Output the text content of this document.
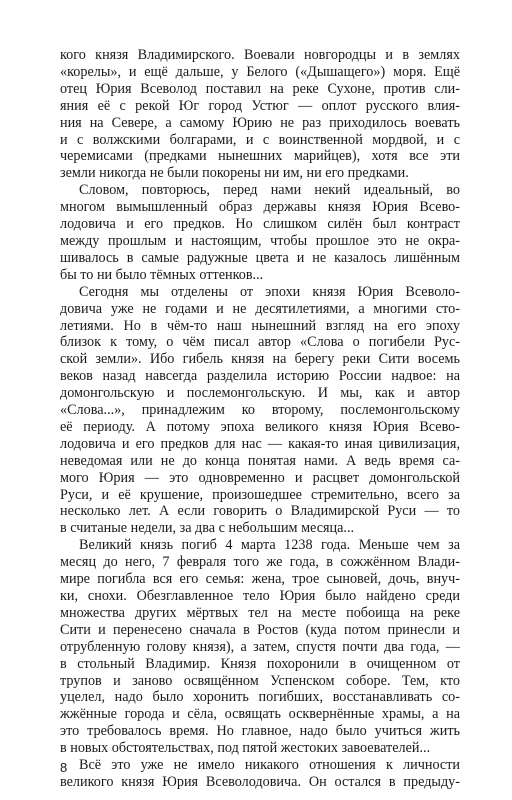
кого князя Владимирского. Воевали новгородцы и в землях
«корелы», и ещё дальше, у Белого («Дышащего») моря. Ещё
отец Юрия Всеволод поставил на реке Сухоне, против сли-
яния её с рекой Юг город Устюг — оплот русского влия-
ния на Севере, а самому Юрию не раз приходилось воевать
и с волжскими болгарами, и с воинственной мордвой, и с
черемисами (предками нынешних марийцев), хотя все эти
земли никогда не были покорены ни им, ни его предками.
Словом, повторюсь, перед нами некий идеальный, во
многом вымышленный образ державы князя Юрия Всево-
лодовича и его предков. Но слишком силён был контраст
между прошлым и настоящим, чтобы прошлое это не окра-
шивалось в самые радужные цвета и не казалось лишённым
бы то ни было тёмных оттенков...
Сегодня мы отделены от эпохи князя Юрия Всеволо-
довича уже не годами и не десятилетиями, а многими сто-
летиями. Но в чём-то наш нынешний взгляд на его эпоху
близок к тому, о чём писал автор «Слова о погибели Рус-
ской земли». Ибо гибель князя на берегу реки Сити восемь
веков назад навсегда разделила историю России надвое: на
домонгольскую и послемонгольскую. И мы, как и автор
«Слова...», принадлежим ко второму, послемонгольскому
её периоду. А потому эпоха великого князя Юрия Всево-
лодовича и его предков для нас — какая-то иная цивилизация,
неведомая или не до конца понятая нами. А ведь время са-
мого Юрия — это одновременно и расцвет домонгольской
Руси, и её крушение, произошедшее стремительно, всего за
несколько лет. А если говорить о Владимирской Руси — то
в считаные недели, за два с небольшим месяца...
Великий князь погиб 4 марта 1238 года. Меньше чем за
месяц до него, 7 февраля того же года, в сожжённом Влади-
мире погибла вся его семья: жена, трое сыновей, дочь, внуч-
ки, снохи. Обезглавленное тело Юрия было найдено среди
множества других мёртвых тел на месте побоища на реке
Сити и перенесено сначала в Ростов (куда потом принесли и
отрубленную голову князя), а затем, спустя почти два года, —
в стольный Владимир. Князя похоронили в очищенном от
трупов и заново освящённом Успенском соборе. Тем, кто
уцелел, надо было хоронить погибших, восстанавливать со-
жжённые города и сёла, освящать осквернённые храмы, а на
это требовалось время. Но главное, надо было учиться жить
в новых обстоятельствах, под пятой жестоких завоевателей...
Всё это уже не имело никакого отношения к личности
великого князя Юрия Всеволодовича. Он остался в предыду-
8
